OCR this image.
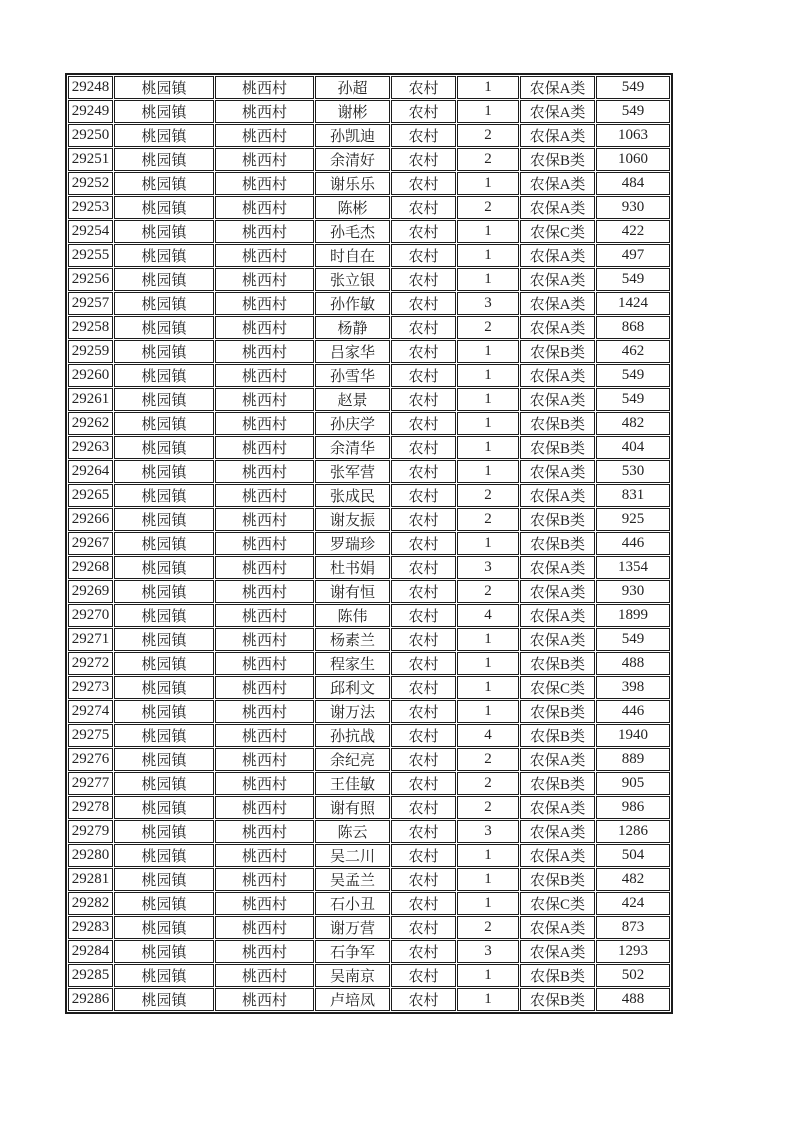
29248	桃园镇	桃西村	孙超	农村	1	农保A类	549
29249	桃园镇	桃西村	谢彬	农村	1	农保A类	549
29250	桃园镇	桃西村	孙凯迪	农村	2	农保A类	1063
29251	桃园镇	桃西村	余清好	农村	2	农保B类	1060
29252	桃园镇	桃西村	谢乐乐	农村	1	农保A类	484
29253	桃园镇	桃西村	陈彬	农村	2	农保A类	930
29254	桃园镇	桃西村	孙毛杰	农村	1	农保C类	422
29255	桃园镇	桃西村	时自在	农村	1	农保A类	497
29256	桃园镇	桃西村	张立银	农村	1	农保A类	549
29257	桃园镇	桃西村	孙作敏	农村	3	农保A类	1424
29258	桃园镇	桃西村	杨静	农村	2	农保A类	868
29259	桃园镇	桃西村	吕家华	农村	1	农保B类	462
29260	桃园镇	桃西村	孙雪华	农村	1	农保A类	549
29261	桃园镇	桃西村	赵景	农村	1	农保A类	549
29262	桃园镇	桃西村	孙庆学	农村	1	农保B类	482
29263	桃园镇	桃西村	余清华	农村	1	农保B类	404
29264	桃园镇	桃西村	张军营	农村	1	农保A类	530
29265	桃园镇	桃西村	张成民	农村	2	农保A类	831
29266	桃园镇	桃西村	谢友振	农村	2	农保B类	925
29267	桃园镇	桃西村	罗瑞珍	农村	1	农保B类	446
29268	桃园镇	桃西村	杜书娟	农村	3	农保A类	1354
29269	桃园镇	桃西村	谢有恒	农村	2	农保A类	930
29270	桃园镇	桃西村	陈伟	农村	4	农保A类	1899
29271	桃园镇	桃西村	杨素兰	农村	1	农保A类	549
29272	桃园镇	桃西村	程家生	农村	1	农保B类	488
29273	桃园镇	桃西村	邱利文	农村	1	农保C类	398
29274	桃园镇	桃西村	谢万法	农村	1	农保B类	446
29275	桃园镇	桃西村	孙抗战	农村	4	农保B类	1940
29276	桃园镇	桃西村	余纪亮	农村	2	农保A类	889
29277	桃园镇	桃西村	王佳敏	农村	2	农保B类	905
29278	桃园镇	桃西村	谢有照	农村	2	农保A类	986
29279	桃园镇	桃西村	陈云	农村	3	农保A类	1286
29280	桃园镇	桃西村	吴二川	农村	1	农保A类	504
29281	桃园镇	桃西村	吴孟兰	农村	1	农保B类	482
29282	桃园镇	桃西村	石小丑	农村	1	农保C类	424
29283	桃园镇	桃西村	谢万营	农村	2	农保A类	873
29284	桃园镇	桃西村	石争军	农村	3	农保A类	1293
29285	桃园镇	桃西村	吴南京	农村	1	农保B类	502
29286	桃园镇	桃西村	卢培凤	农村	1	农保B类	488
